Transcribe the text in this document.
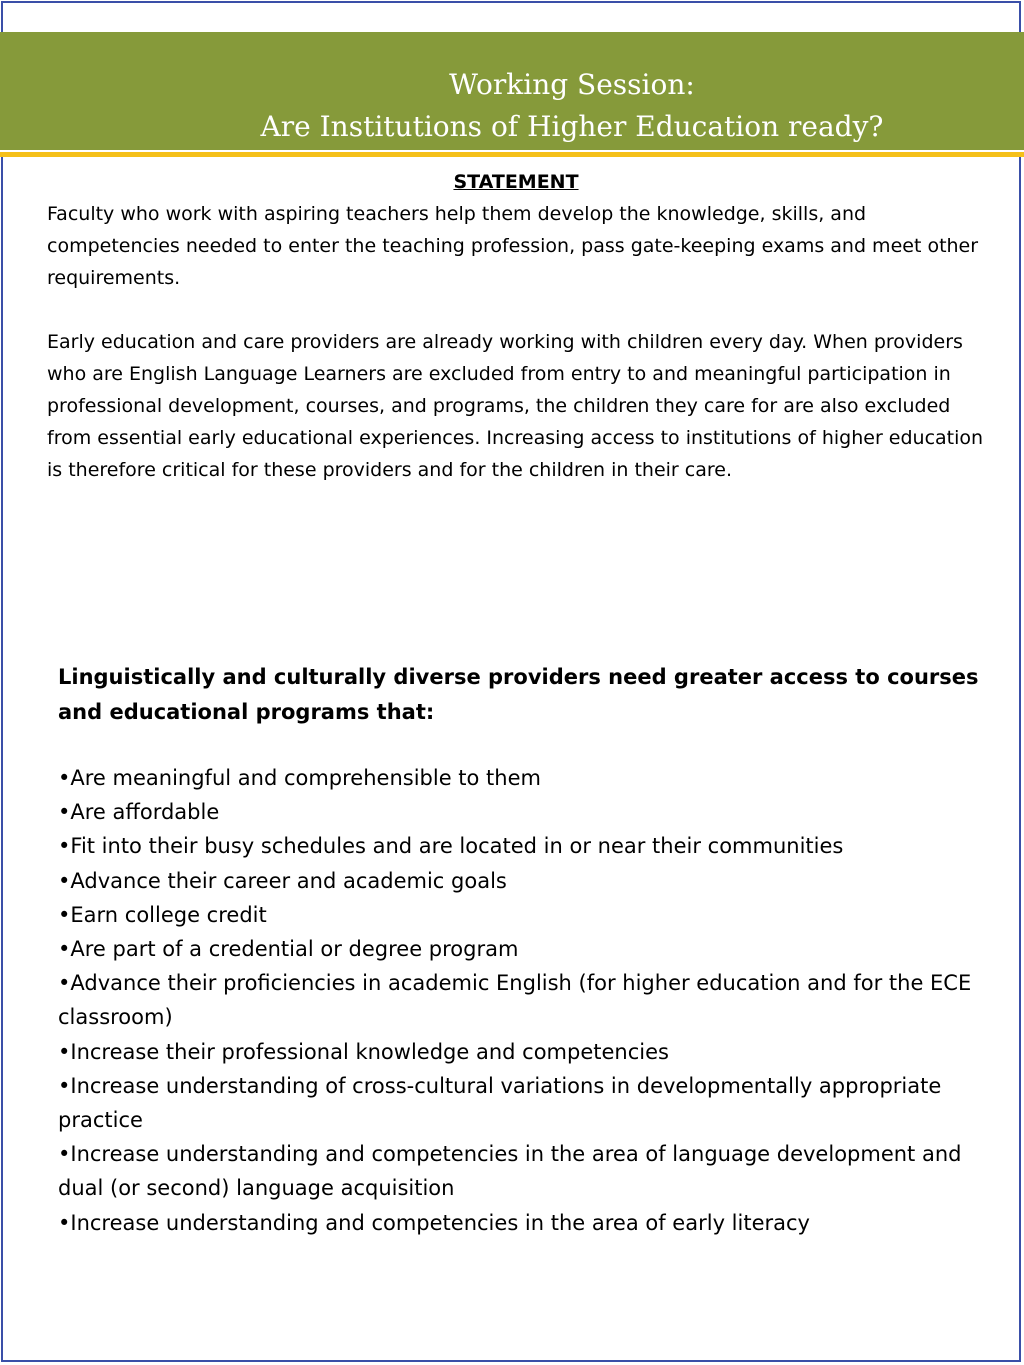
Working Session:
Are Institutions of Higher Education ready?
STATEMENT

Faculty who work with aspiring teachers help them develop the knowledge, skills, and competencies needed to enter the teaching profession, pass gate-keeping exams and meet other requirements.

Early education and care providers are already working with children every day. When providers who are English Language Learners are excluded from entry to and meaningful participation in professional development, courses, and programs, the children they care for are also excluded from essential early educational experiences. Increasing access to institutions of higher education is therefore critical for these providers and for the children in their care.

Linguistically and culturally diverse providers need greater access to courses and educational programs that:

•Are meaningful and comprehensible to them
•Are affordable
•Fit into their busy schedules and are located in or near their communities
•Advance their career and academic goals
•Earn college credit
•Are part of a credential or degree program
•Advance their proficiencies in academic English (for higher education and for the ECE classroom)
•Increase their professional knowledge and competencies
•Increase understanding of cross-cultural variations in developmentally appropriate practice
•Increase understanding and competencies in the area of language development and dual (or second) language acquisition
•Increase understanding and competencies in the area of early literacy
